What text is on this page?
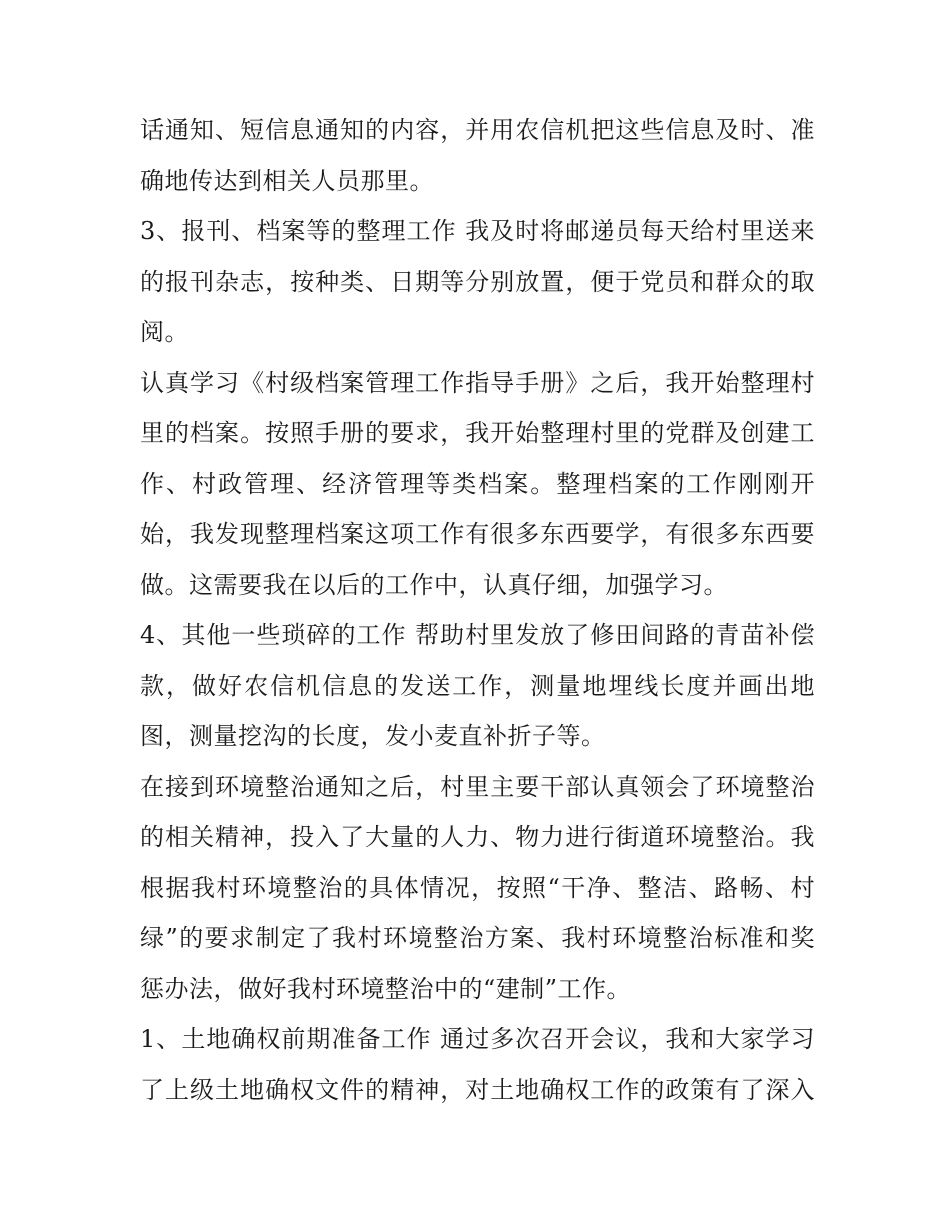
话通知、短信息通知的内容，并用农信机把这些信息及时、准
确地传达到相关人员那里。
3、报刊、档案等的整理工作 我及时将邮递员每天给村里送来
的报刊杂志，按种类、日期等分别放置，便于党员和群众的取
阅。
认真学习《村级档案管理工作指导手册》之后，我开始整理村
里的档案。按照手册的要求，我开始整理村里的党群及创建工
作、村政管理、经济管理等类档案。整理档案的工作刚刚开
始，我发现整理档案这项工作有很多东西要学，有很多东西要
做。这需要我在以后的工作中，认真仔细，加强学习。
4、其他一些琐碎的工作 帮助村里发放了修田间路的青苗补偿
款，做好农信机信息的发送工作，测量地埋线长度并画出地
图，测量挖沟的长度，发小麦直补折子等。
在接到环境整治通知之后，村里主要干部认真领会了环境整治
的相关精神，投入了大量的人力、物力进行街道环境整治。我
根据我村环境整治的具体情况，按照“干净、整洁、路畅、村
绿”的要求制定了我村环境整治方案、我村环境整治标准和奖
惩办法，做好我村环境整治中的“建制”工作。
1、土地确权前期准备工作 通过多次召开会议，我和大家学习
了上级土地确权文件的精神，对土地确权工作的政策有了深入
